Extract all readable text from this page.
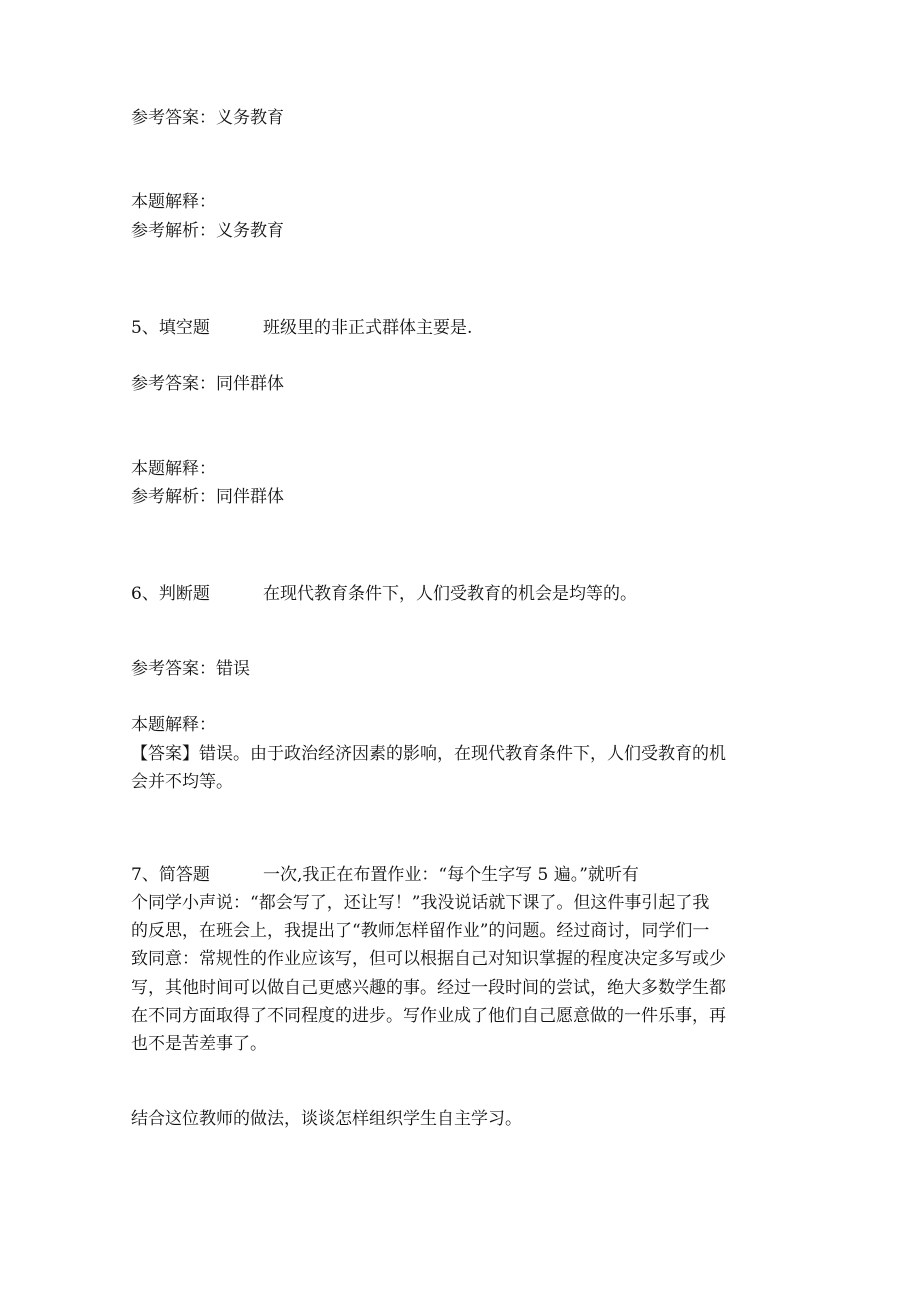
参考答案：义务教育
本题解释：
参考解析：义务教育
5、填空题	班级里的非正式群体主要是.
参考答案：同伴群体
本题解释：
参考解析：同伴群体
6、判断题	在现代教育条件下，人们受教育的机会是均等的。
参考答案：错误
本题解释：
【答案】错误。由于政治经济因素的影响，在现代教育条件下，人们受教育的机
会并不均等。
7、简答题	一次,我正在布置作业：“每个生字写 5 遍。”就听有
个同学小声说：“都会写了，还让写！”我没说话就下课了。但这件事引起了我
的反思，在班会上，我提出了“教师怎样留作业”的问题。经过商讨，同学们一
致同意：常规性的作业应该写，但可以根据自己对知识掌握的程度决定多写或少
写，其他时间可以做自己更感兴趣的事。经过一段时间的尝试，绝大多数学生都
在不同方面取得了不同程度的进步。写作业成了他们自己愿意做的一件乐事，再
也不是苦差事了。
结合这位教师的做法，谈谈怎样组织学生自主学习。
